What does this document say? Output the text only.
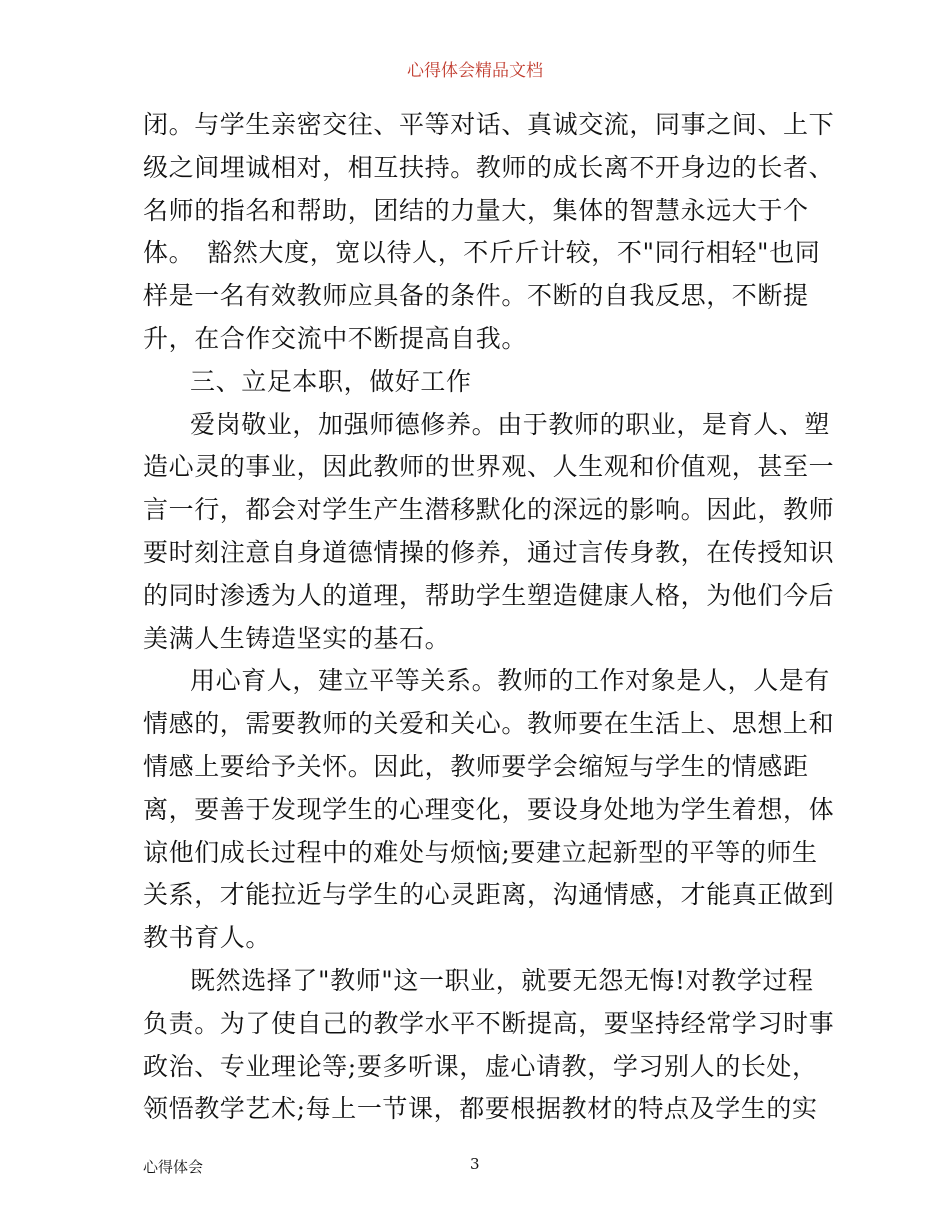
心得体会精品文档
闭。与学生亲密交往、平等对话、真诚交流，同事之间、上下
级之间埋诚相对，相互扶持。教师的成长离不开身边的长者、
名师的指名和帮助，团结的力量大，集体的智慧永远大于个
体。　豁然大度，宽以待人，不斤斤计较，不"同行相轻"也同
样是一名有效教师应具备的条件。不断的自我反思，不断提
升，在合作交流中不断提高自我。
三、立足本职，做好工作
爱岗敬业，加强师德修养。由于教师的职业，是育人、塑
造心灵的事业，因此教师的世界观、人生观和价值观，甚至一
言一行，都会对学生产生潜移默化的深远的影响。因此，教师
要时刻注意自身道德情操的修养，通过言传身教，在传授知识
的同时渗透为人的道理，帮助学生塑造健康人格，为他们今后
美满人生铸造坚实的基石。
用心育人，建立平等关系。教师的工作对象是人，人是有
情感的，需要教师的关爱和关心。教师要在生活上、思想上和
情感上要给予关怀。因此，教师要学会缩短与学生的情感距
离，要善于发现学生的心理变化，要设身处地为学生着想，体
谅他们成长过程中的难处与烦恼;要建立起新型的平等的师生
关系，才能拉近与学生的心灵距离，沟通情感，才能真正做到
教书育人。
既然选择了"教师"这一职业，就要无怨无悔!对教学过程
负责。为了使自己的教学水平不断提高，要坚持经常学习时事
政治、专业理论等;要多听课，虚心请教，学习别人的长处，
领悟教学艺术;每上一节课，都要根据教材的特点及学生的实
心得体会	3
